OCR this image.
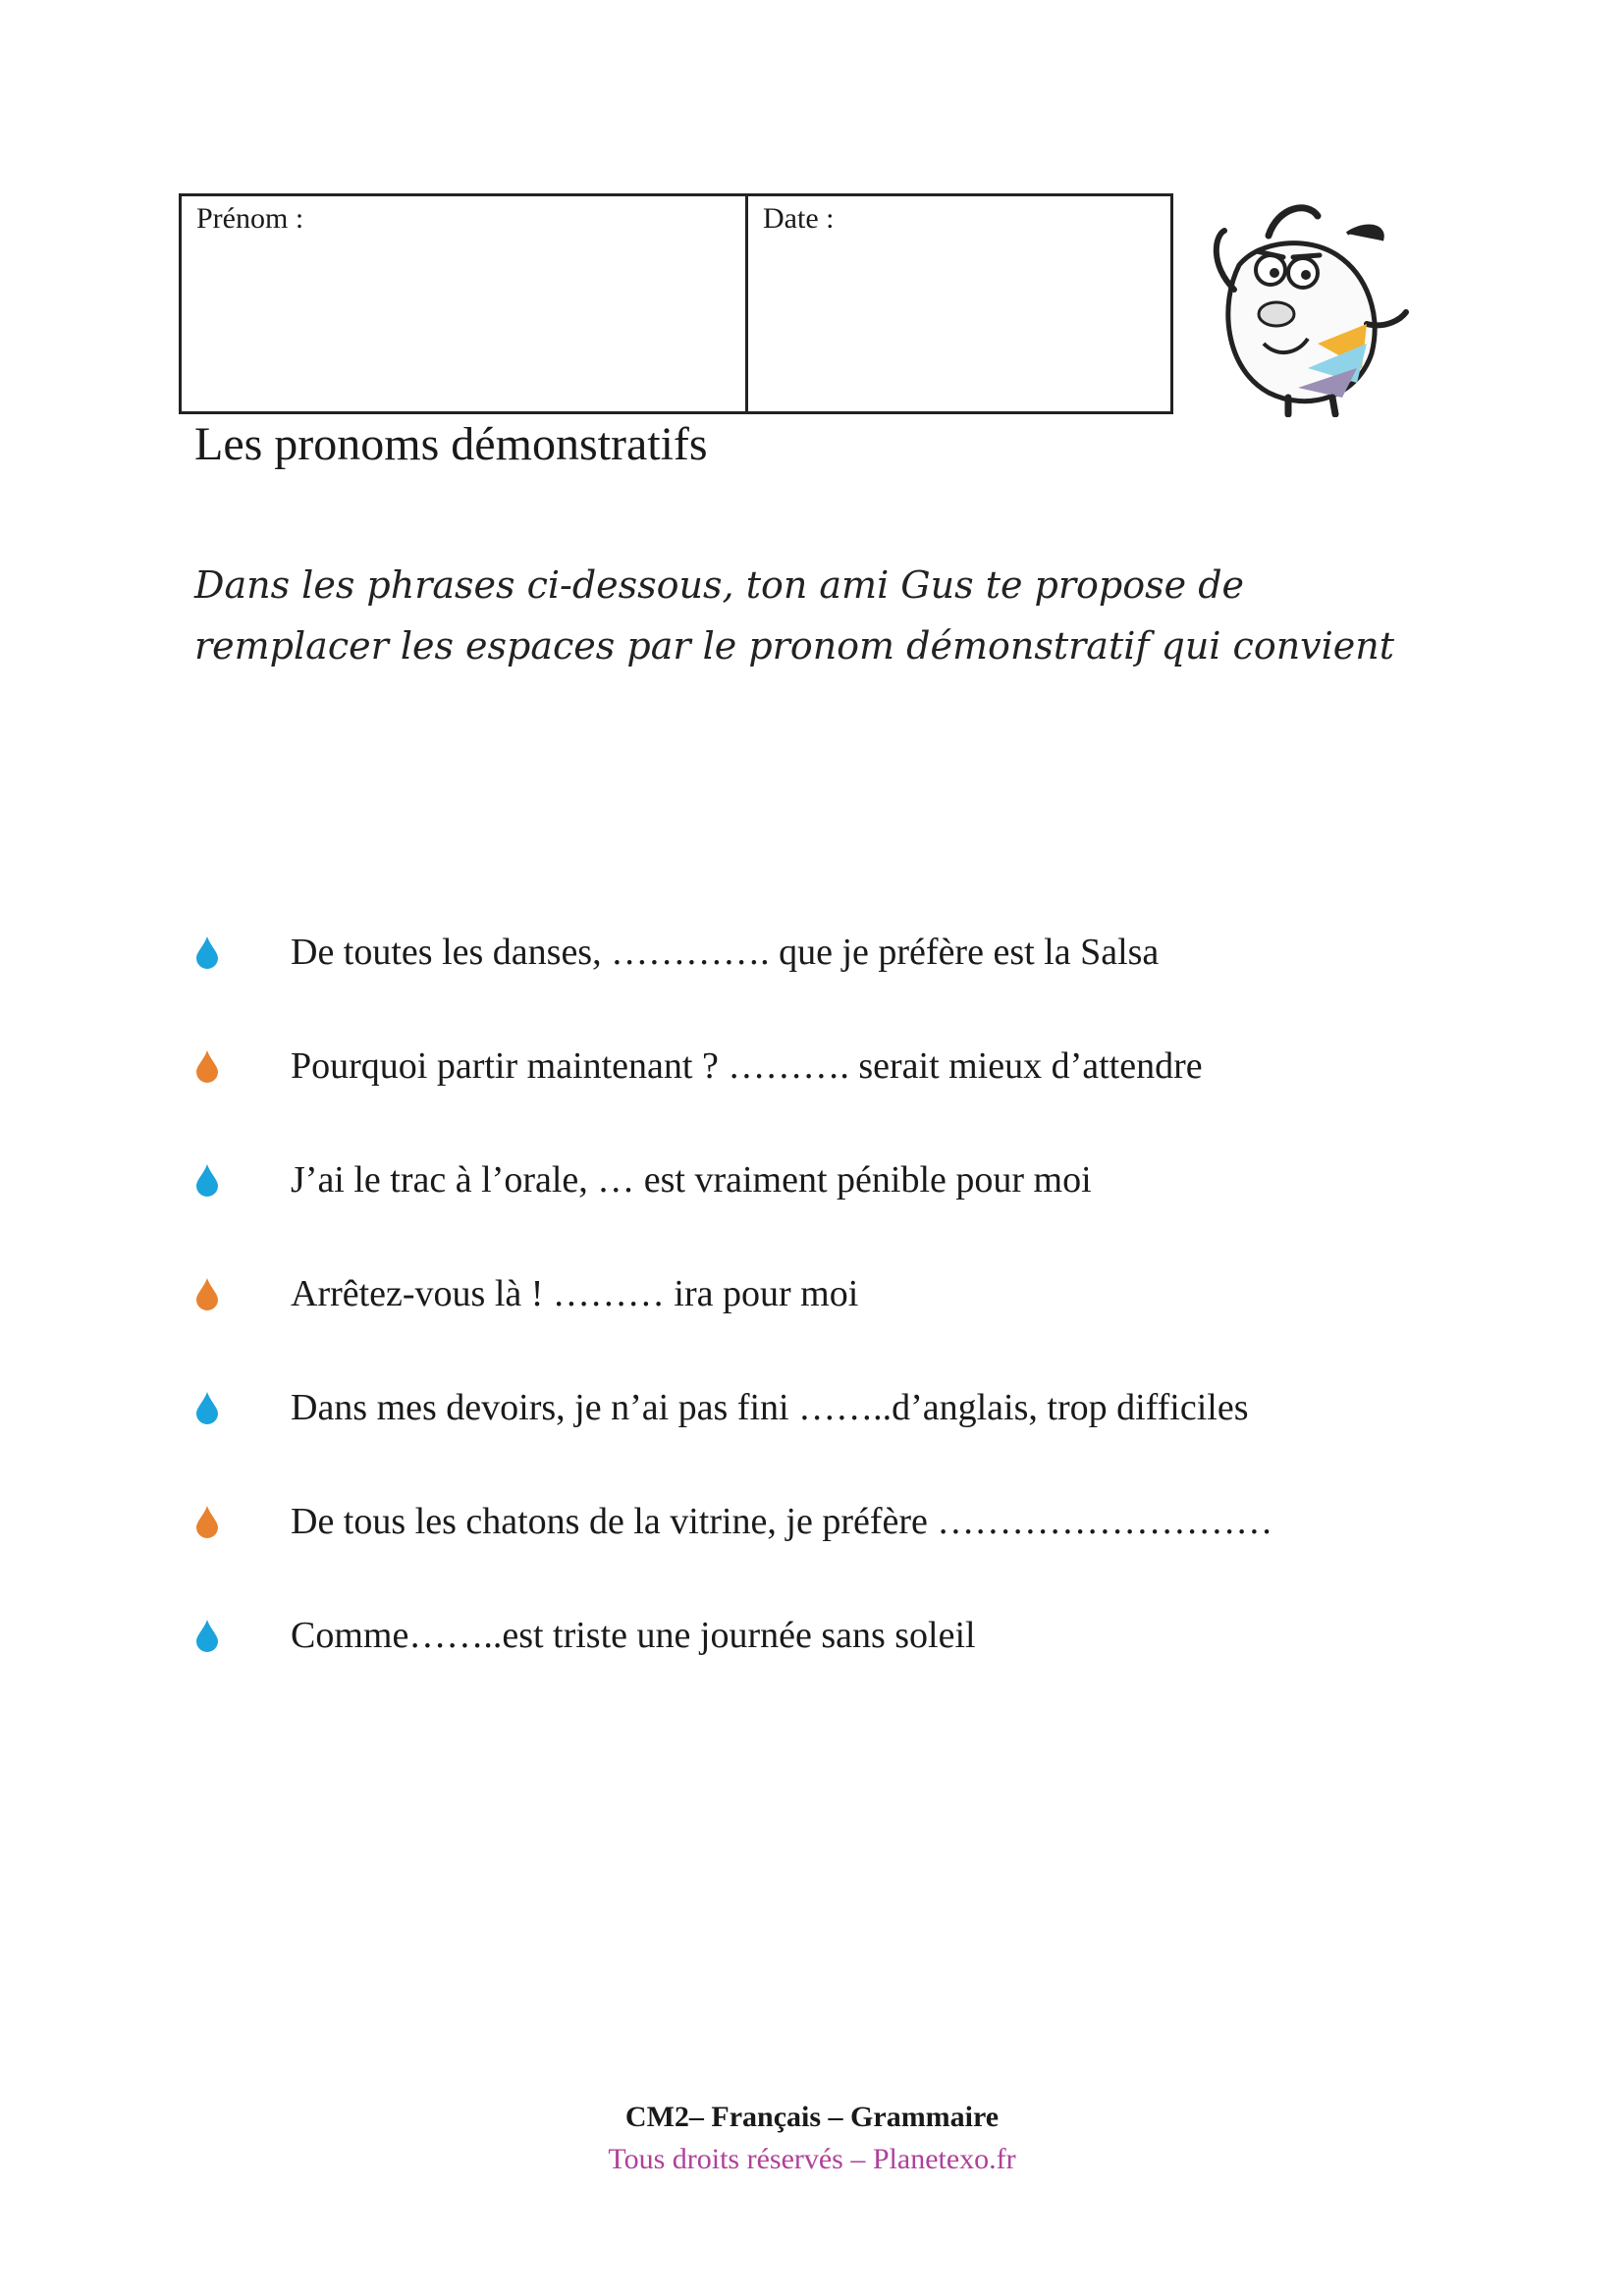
Prénom :	Date :
Les pronoms démonstratifs
Dans les phrases ci-dessous, ton ami Gus te propose de remplacer les espaces par le pronom démonstratif qui convient
De toutes les danses, …………. que je préfère est la Salsa
Pourquoi partir maintenant ? ………. serait mieux d’attendre
J’ai le trac à l’orale, … est vraiment pénible pour moi
Arrêtez-vous là ! ……… ira pour moi
Dans mes devoirs, je n’ai pas fini ……..d’anglais, trop difficiles
De tous les chatons de la vitrine, je préfère ………………………
Comme……..est triste une journée sans soleil
CM2– Français – Grammaire
Tous droits réservés – Planetexo.fr
